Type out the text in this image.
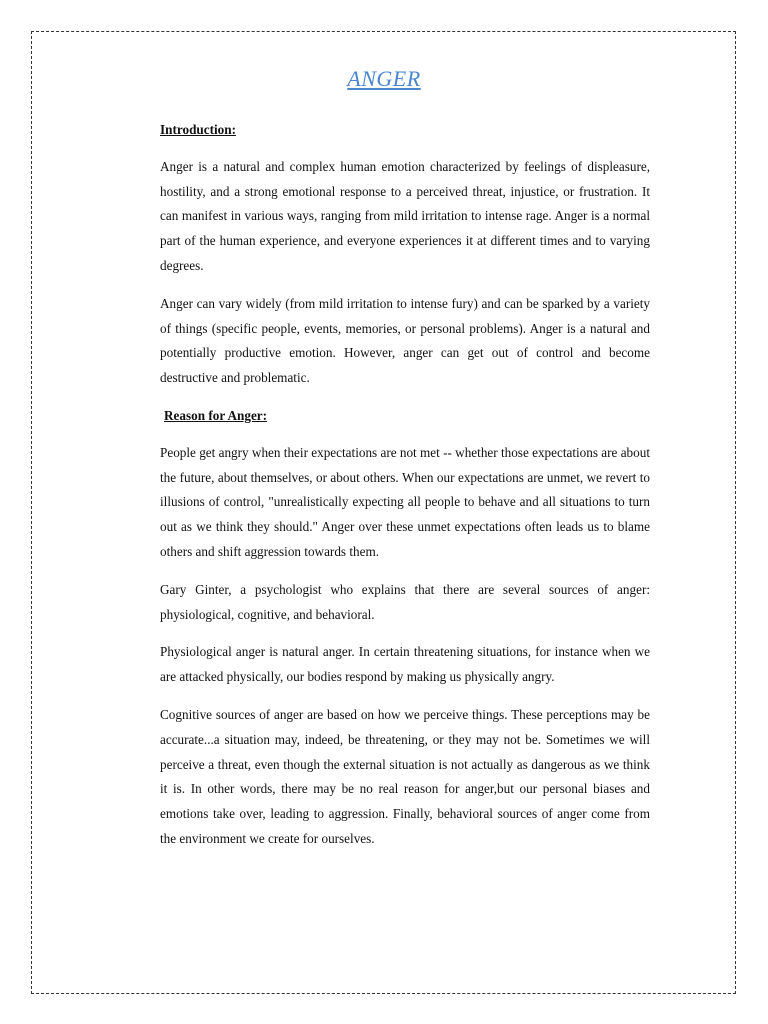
ANGER
Introduction:

Anger is a natural and complex human emotion characterized by feelings of displeasure, hostility, and a strong emotional response to a perceived threat, injustice, or frustration. It can manifest in various ways, ranging from mild irritation to intense rage. Anger is a normal part of the human experience, and everyone experiences it at different times and to varying degrees.

Anger can vary widely (from mild irritation to intense fury) and can be sparked by a variety of things (specific people, events, memories, or personal problems). Anger is a natural and potentially productive emotion. However, anger can get out of control and become destructive and problematic.

Reason for Anger:

People get angry when their expectations are not met -- whether those expectations are about the future, about themselves, or about others. When our expectations are unmet, we revert to illusions of control, "unrealistically expecting all people to behave and all situations to turn out as we think they should." Anger over these unmet expectations often leads us to blame others and shift aggression towards them.

Gary Ginter, a psychologist who explains that there are several sources of anger: physiological, cognitive, and behavioral.

Physiological anger is natural anger. In certain threatening situations, for instance when we are attacked physically, our bodies respond by making us physically angry.

Cognitive sources of anger are based on how we perceive things. These perceptions may be accurate...a situation may, indeed, be threatening, or they may not be. Sometimes we will perceive a threat, even though the external situation is not actually as dangerous as we think it is. In other words, there may be no real reason for anger,but our personal biases and emotions take over, leading to aggression. Finally, behavioral sources of anger come from the environment we create for ourselves.
